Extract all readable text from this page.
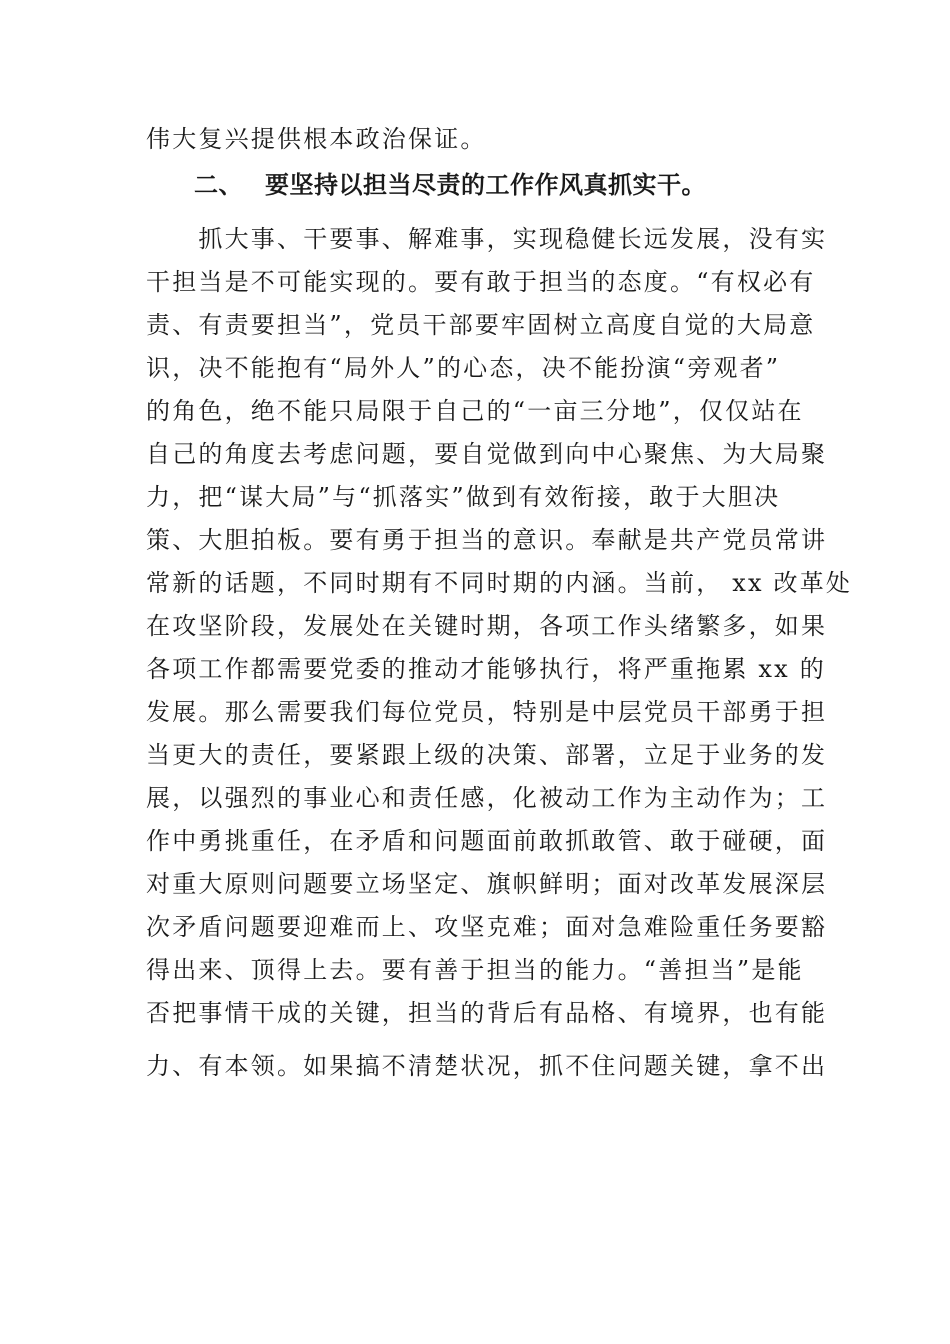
伟大复兴提供根本政治保证。
二、 要坚持以担当尽责的工作作风真抓实干。
　　抓大事、干要事、解难事，实现稳健长远发展，没有实
干担当是不可能实现的。要有敢于担当的态度。“有权必有
责、有责要担当”，党员干部要牢固树立高度自觉的大局意
识，决不能抱有“局外人”的心态，决不能扮演“旁观者”
的角色，绝不能只局限于自己的“一亩三分地”，仅仅站在
自己的角度去考虑问题，要自觉做到向中心聚焦、为大局聚
力，把“谋大局”与“抓落实”做到有效衔接，敢于大胆决
策、大胆拍板。要有勇于担当的意识。奉献是共产党员常讲
常新的话题，不同时期有不同时期的内涵。当前， xx 改革处
在攻坚阶段，发展处在关键时期，各项工作头绪繁多，如果
各项工作都需要党委的推动才能够执行，将严重拖累 xx 的
发展。那么需要我们每位党员，特别是中层党员干部勇于担
当更大的责任，要紧跟上级的决策、部署，立足于业务的发
展，以强烈的事业心和责任感，化被动工作为主动作为；工
作中勇挑重任，在矛盾和问题面前敢抓敢管、敢于碰硬，面
对重大原则问题要立场坚定、旗帜鲜明；面对改革发展深层
次矛盾问题要迎难而上、攻坚克难；面对急难险重任务要豁
得出来、顶得上去。要有善于担当的能力。“善担当”是能
否把事情干成的关键，担当的背后有品格、有境界，也有能
力、有本领。如果搞不清楚状况，抓不住问题关键，拿不出
